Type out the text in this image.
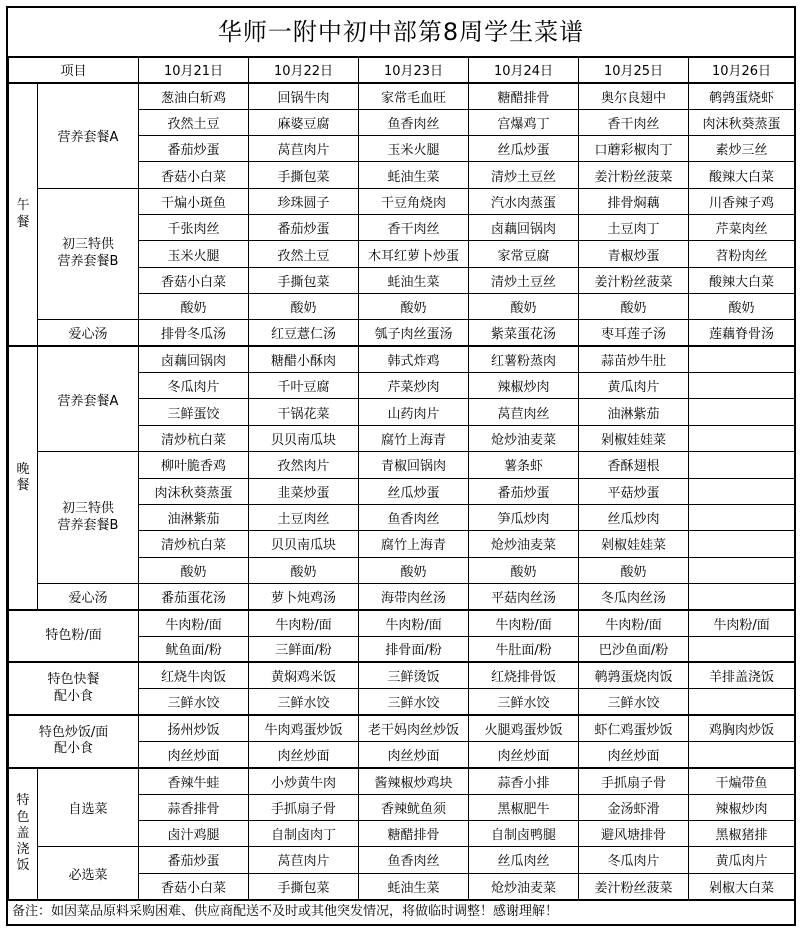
华师一附中初中部第8周学生菜谱
项目		10月21日	10月22日	10月23日	10月24日	10月25日	10月26日
午
餐	营养套餐A	葱油白斩鸡	回锅牛肉	家常毛血旺	糖醋排骨	奥尔良翅中	鹌鹑蛋烧虾
		孜然土豆	麻婆豆腐	鱼香肉丝	宫爆鸡丁	香干肉丝	肉沫秋葵蒸蛋
		番茄炒蛋	莴苣肉片	玉米火腿	丝瓜炒蛋	口蘑彩椒肉丁	素炒三丝
		香菇小白菜	手撕包菜	蚝油生菜	清炒土豆丝	姜汁粉丝菠菜	酸辣大白菜
	初三特供
营养套餐B	干煸小斑鱼	珍珠圆子	干豆角烧肉	汽水肉蒸蛋	排骨焖藕	川香辣子鸡
		千张肉丝	番茄炒蛋	香干肉丝	卤藕回锅肉	土豆肉丁	芹菜肉丝
		玉米火腿	孜然土豆	木耳红萝卜炒蛋	家常豆腐	青椒炒蛋	苕粉肉丝
		香菇小白菜	手撕包菜	蚝油生菜	清炒土豆丝	姜汁粉丝菠菜	酸辣大白菜
		酸奶	酸奶	酸奶	酸奶	酸奶	酸奶
	爱心汤	排骨冬瓜汤	红豆薏仁汤	瓠子肉丝蛋汤	紫菜蛋花汤	枣耳莲子汤	莲藕脊骨汤
晚
餐	营养套餐A	卤藕回锅肉	糖醋小酥肉	韩式炸鸡	红薯粉蒸肉	蒜苗炒牛肚	
		冬瓜肉片	千叶豆腐	芹菜炒肉	辣椒炒肉	黄瓜肉片	
		三鲜蛋饺	干锅花菜	山药肉片	莴苣肉丝	油淋紫茄	
		清炒杭白菜	贝贝南瓜块	腐竹上海青	炝炒油麦菜	剁椒娃娃菜	
	初三特供
营养套餐B	柳叶脆香鸡	孜然肉片	青椒回锅肉	薯条虾	香酥翅根	
		肉沫秋葵蒸蛋	韭菜炒蛋	丝瓜炒蛋	番茄炒蛋	平菇炒蛋	
		油淋紫茄	土豆肉丝	鱼香肉丝	笋瓜炒肉	丝瓜炒肉	
		清炒杭白菜	贝贝南瓜块	腐竹上海青	炝炒油麦菜	剁椒娃娃菜	
		酸奶	酸奶	酸奶	酸奶	酸奶	
	爱心汤	番茄蛋花汤	萝卜炖鸡汤	海带肉丝汤	平菇肉丝汤	冬瓜肉丝汤	
特色粉/面		牛肉粉/面	牛肉粉/面	牛肉粉/面	牛肉粉/面	牛肉粉/面	牛肉粉/面
		鱿鱼面/粉	三鲜面/粉	排骨面/粉	牛肚面/粉	巴沙鱼面/粉	
特色快餐
配小食		红烧牛肉饭	黄焖鸡米饭	三鲜烫饭	红烧排骨饭	鹌鹑蛋烧肉饭	羊排盖浇饭
		三鲜水饺	三鲜水饺	三鲜水饺	三鲜水饺	三鲜水饺	
特色炒饭/面
配小食		扬州炒饭	牛肉鸡蛋炒饭	老干妈肉丝炒饭	火腿鸡蛋炒饭	虾仁鸡蛋炒饭	鸡胸肉炒饭
		肉丝炒面	肉丝炒面	肉丝炒面	肉丝炒面	肉丝炒面	
特
色
盖
浇
饭	自选菜	香辣牛蛙	小炒黄牛肉	酱辣椒炒鸡块	蒜香小排	手抓扇子骨	干煸带鱼
		蒜香排骨	手抓扇子骨	香辣鱿鱼须	黑椒肥牛	金汤虾滑	辣椒炒肉
		卤汁鸡腿	自制卤肉丁	糖醋排骨	自制卤鸭腿	避风塘排骨	黑椒猪排
	必选菜	番茄炒蛋	莴苣肉片	鱼香肉丝	丝瓜肉丝	冬瓜肉片	黄瓜肉片
		香菇小白菜	手撕包菜	蚝油生菜	炝炒油麦菜	姜汁粉丝菠菜	剁椒大白菜
备注：如因菜品原料采购困难、供应商配送不及时或其他突发情况，将做临时调整！感谢理解！
